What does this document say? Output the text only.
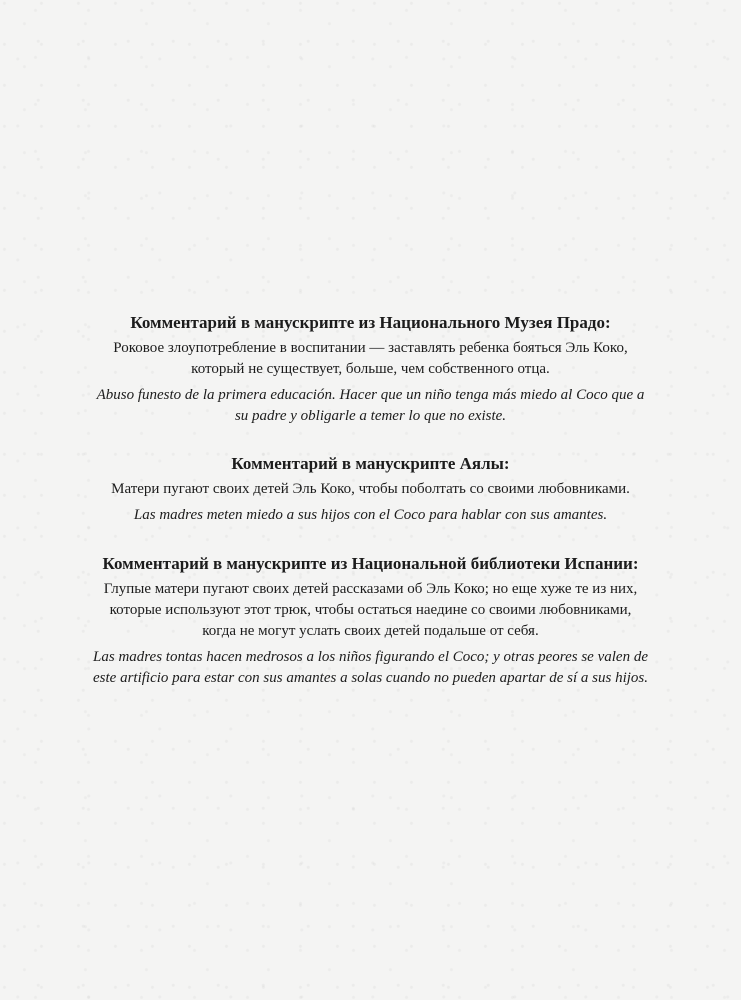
Комментарий в манускрипте из Национального Музея Прадо:

Роковое злоупотребление в воспитании — заставлять ребенка бояться Эль Коко,
который не существует, больше, чем собственного отца.

Abuso funesto de la primera educación. Hacer que un niño tenga más miedo al Coco que a
su padre y obligarle a temer lo que no existe.

Комментарий в манускрипте Аялы:

Матери пугают своих детей Эль Коко, чтобы поболтать со своими любовниками.

Las madres meten miedo a sus hijos con el Coco para hablar con sus amantes.

Комментарий в манускрипте из Национальной библиотеки Испании:

Глупые матери пугают своих детей рассказами об Эль Коко; но еще хуже те из них,
которые используют этот трюк, чтобы остаться наедине со своими любовниками,
когда не могут услать своих детей подальше от себя.

Las madres tontas hacen medrosos a los niños figurando el Coco; y otras peores se valen de
este artificio para estar con sus amantes a solas cuando no pueden apartar de sí a sus hijos.
